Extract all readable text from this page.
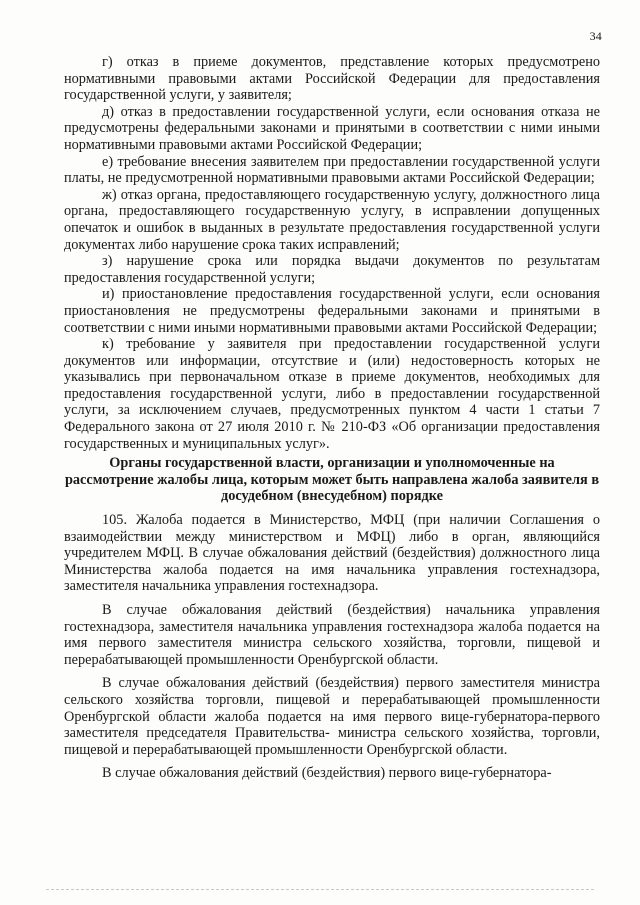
34

г) отказ в приеме документов, представление которых предусмотрено нормативными правовыми актами Российской Федерации для предоставления государственной услуги, у заявителя;

д) отказ в предоставлении государственной услуги, если основания отказа не предусмотрены федеральными законами и принятыми в соответствии с ними иными нормативными правовыми актами Российской Федерации;

е) требование внесения заявителем при предоставлении государственной услуги платы, не предусмотренной нормативными правовыми актами Российской Федерации;

ж) отказ органа, предоставляющего государственную услугу, должностного лица органа, предоставляющего государственную услугу, в исправлении допущенных опечаток и ошибок в выданных в результате предоставления государственной услуги документах либо нарушение срока таких исправлений;

з) нарушение срока или порядка выдачи документов по результатам предоставления государственной услуги;

и) приостановление предоставления государственной услуги, если основания приостановления не предусмотрены федеральными законами и принятыми в соответствии с ними иными нормативными правовыми актами Российской Федерации;

к) требование у заявителя при предоставлении государственной услуги документов или информации, отсутствие и (или) недостоверность которых не указывались при первоначальном отказе в приеме документов, необходимых для предоставления государственной услуги, либо в предоставлении государственной услуги, за исключением случаев, предусмотренных пунктом 4 части 1 статьи 7 Федерального закона от 27 июля 2010 г. № 210-ФЗ «Об организации предоставления государственных и муниципальных услуг».

Органы государственной власти, организации и уполномоченные на рассмотрение жалобы лица, которым может быть направлена жалоба заявителя в досудебном (внесудебном) порядке

105. Жалоба подается в Министерство, МФЦ (при наличии Соглашения о взаимодействии между министерством и МФЦ) либо в орган, являющийся учредителем МФЦ. В случае обжалования действий (бездействия) должностного лица Министерства жалоба подается на имя начальника управления гостехнадзора, заместителя начальника управления гостехнадзора.

В случае обжалования действий (бездействия) начальника управления гостехнадзора, заместителя начальника управления гостехнадзора жалоба подается на имя первого заместителя министра сельского хозяйства, торговли, пищевой и перерабатывающей промышленности Оренбургской области.

В случае обжалования действий (бездействия) первого заместителя министра сельского хозяйства торговли, пищевой и перерабатывающей промышленности Оренбургской области жалоба подается на имя первого вице-губернатора-первого заместителя председателя Правительства- министра сельского хозяйства, торговли, пищевой и перерабатывающей промышленности Оренбургской области.

В случае обжалования действий (бездействия) первого вице-губернатора-
